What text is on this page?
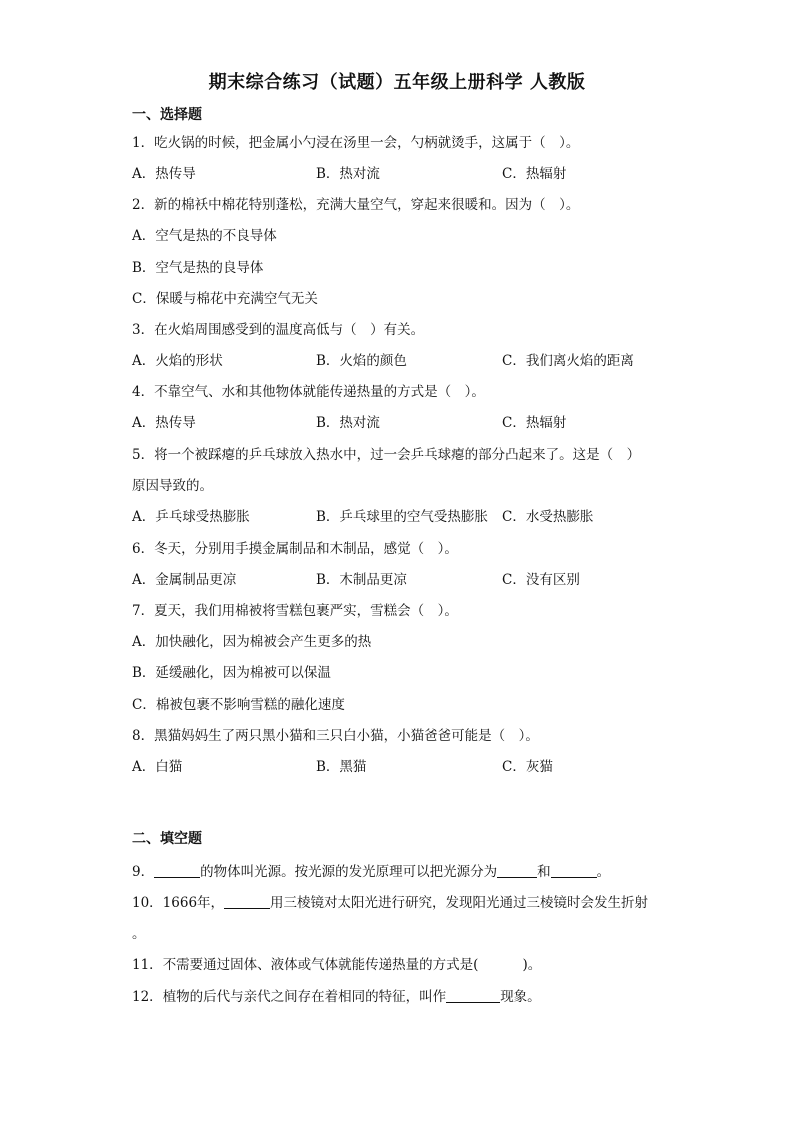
期末综合练习（试题）五年级上册科学 人教版
一、选择题
1．吃火锅的时候，把金属小勺浸在汤里一会，勺柄就烫手，这属于（　）。
A．热传导	B．热对流	C．热辐射
2．新的棉袄中棉花特别蓬松，充满大量空气，穿起来很暖和。因为（　）。
A．空气是热的不良导体
B．空气是热的良导体
C．保暖与棉花中充满空气无关
3．在火焰周围感受到的温度高低与（　）有关。
A．火焰的形状	B．火焰的颜色	C．我们离火焰的距离
4．不靠空气、水和其他物体就能传递热量的方式是（　）。
A．热传导	B．热对流	C．热辐射
5．将一个被踩瘪的乒乓球放入热水中，过一会乒乓球瘪的部分凸起来了。这是（　）
原因导致的。
A．乒乓球受热膨胀	B．乒乓球里的空气受热膨胀 C．水受热膨胀
6．冬天，分别用手摸金属制品和木制品，感觉（　）。
A．金属制品更凉	B．木制品更凉	C．没有区别
7．夏天，我们用棉被将雪糕包裹严实，雪糕会（　）。
A．加快融化，因为棉被会产生更多的热
B．延缓融化，因为棉被可以保温
C．棉被包裹不影响雪糕的融化速度
8．黑猫妈妈生了两只黑小猫和三只白小猫，小猫爸爸可能是（　）。
A．白猫	B．黑猫	C．灰猫
二、填空题
9．	的物体叫光源。按光源的发光原理可以把光源分为	和	。
10．1666年，	用三棱镜对太阳光进行研究，发现阳光通过三棱镜时会发生折射
。
11．不需要通过固体、液体或气体就能传递热量的方式是(	)。
12．植物的后代与亲代之间存在着相同的特征，叫作	现象。
